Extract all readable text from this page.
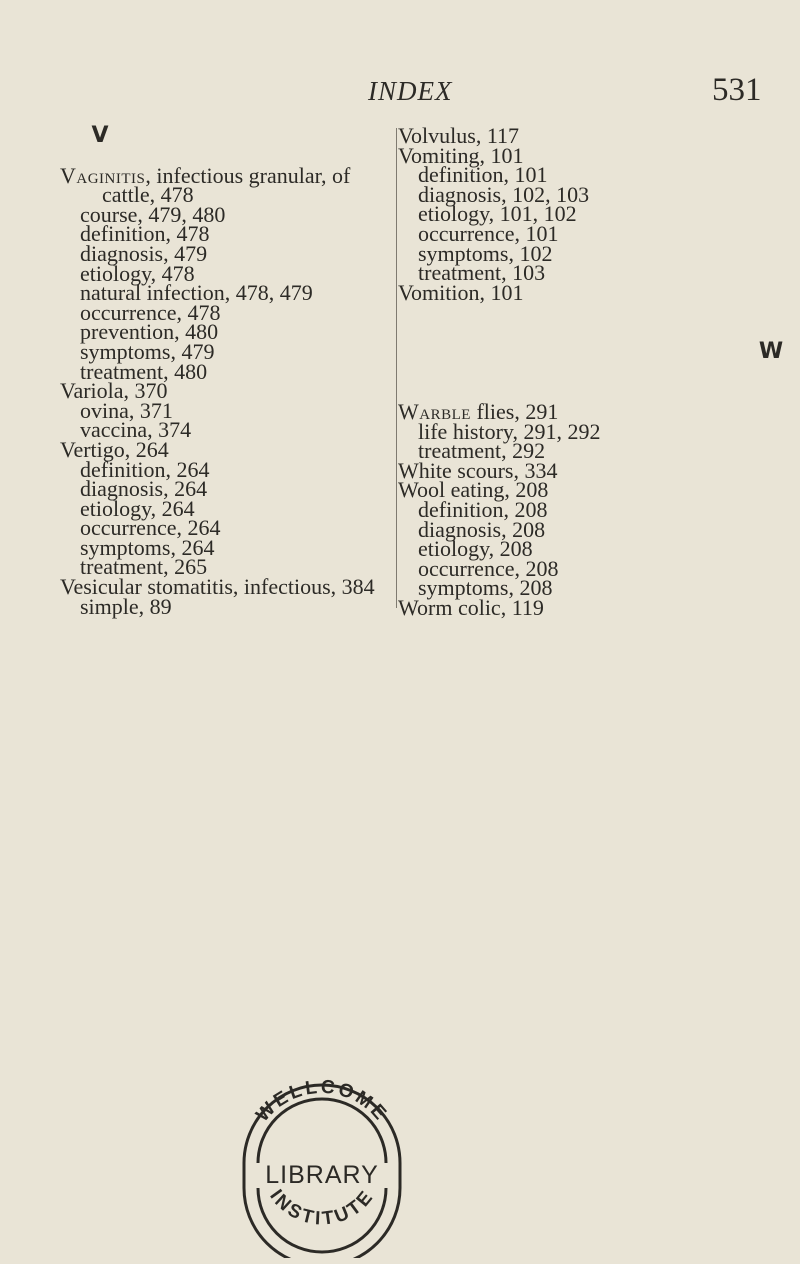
INDEX	531
V
Vaginitis, infectious granular, of
cattle, 478
course, 479, 480
definition, 478
diagnosis, 479
etiology, 478
natural infection, 478, 479
occurrence, 478
prevention, 480
symptoms, 479
treatment, 480
Variola, 370
ovina, 371
vaccina, 374
Vertigo, 264
definition, 264
diagnosis, 264
etiology, 264
occurrence, 264
symptoms, 264
treatment, 265
Vesicular stomatitis, infectious, 384
simple, 89
Volvulus, 117
Vomiting, 101
definition, 101
diagnosis, 102, 103
etiology, 101, 102
occurrence, 101
symptoms, 102
treatment, 103
Vomition, 101
W
Warble flies, 291
life history, 291, 292
treatment, 292
White scours, 334
Wool eating, 208
definition, 208
diagnosis, 208
etiology, 208
occurrence, 208
symptoms, 208
Worm colic, 119
WELLCOME
INSTITUTE
LIBRARY
